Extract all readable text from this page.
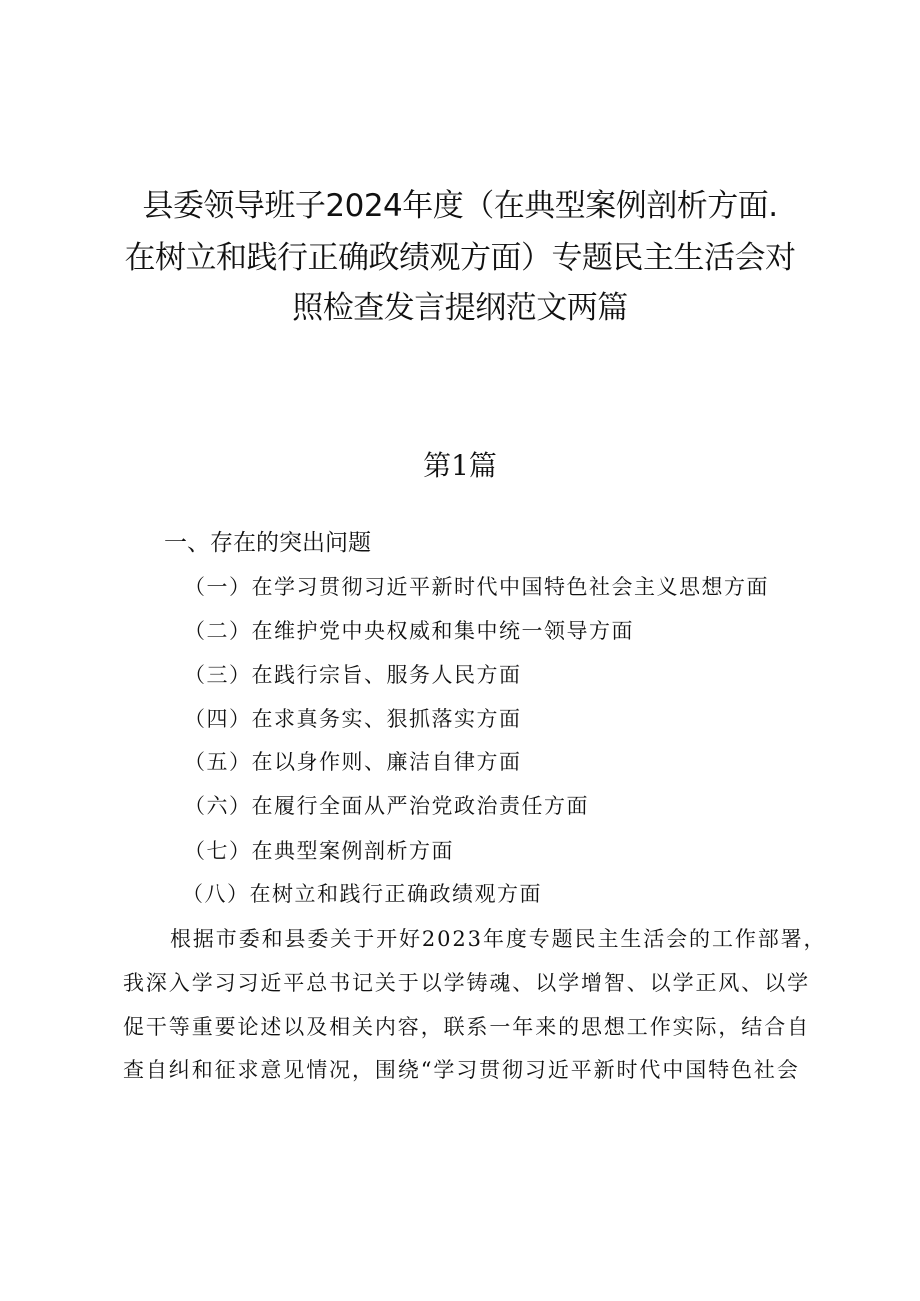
县委领导班子2024年度（在典型案例剖析方面.
在树立和践行正确政绩观方面）专题民主生活会对
照检查发言提纲范文两篇
第1篇
一、存在的突出问题
（一）在学习贯彻习近平新时代中国特色社会主义思想方面
（二）在维护党中央权威和集中统一领导方面
（三）在践行宗旨、服务人民方面
（四）在求真务实、狠抓落实方面
（五）在以身作则、廉洁自律方面
（六）在履行全面从严治党政治责任方面
（七）在典型案例剖析方面
（八）在树立和践行正确政绩观方面
根据市委和县委关于开好2023年度专题民主生活会的工作部署，
我深入学习习近平总书记关于以学铸魂、以学增智、以学正风、以学
促干等重要论述以及相关内容，联系一年来的思想工作实际，结合自
查自纠和征求意见情况，围绕“学习贯彻习近平新时代中国特色社会
